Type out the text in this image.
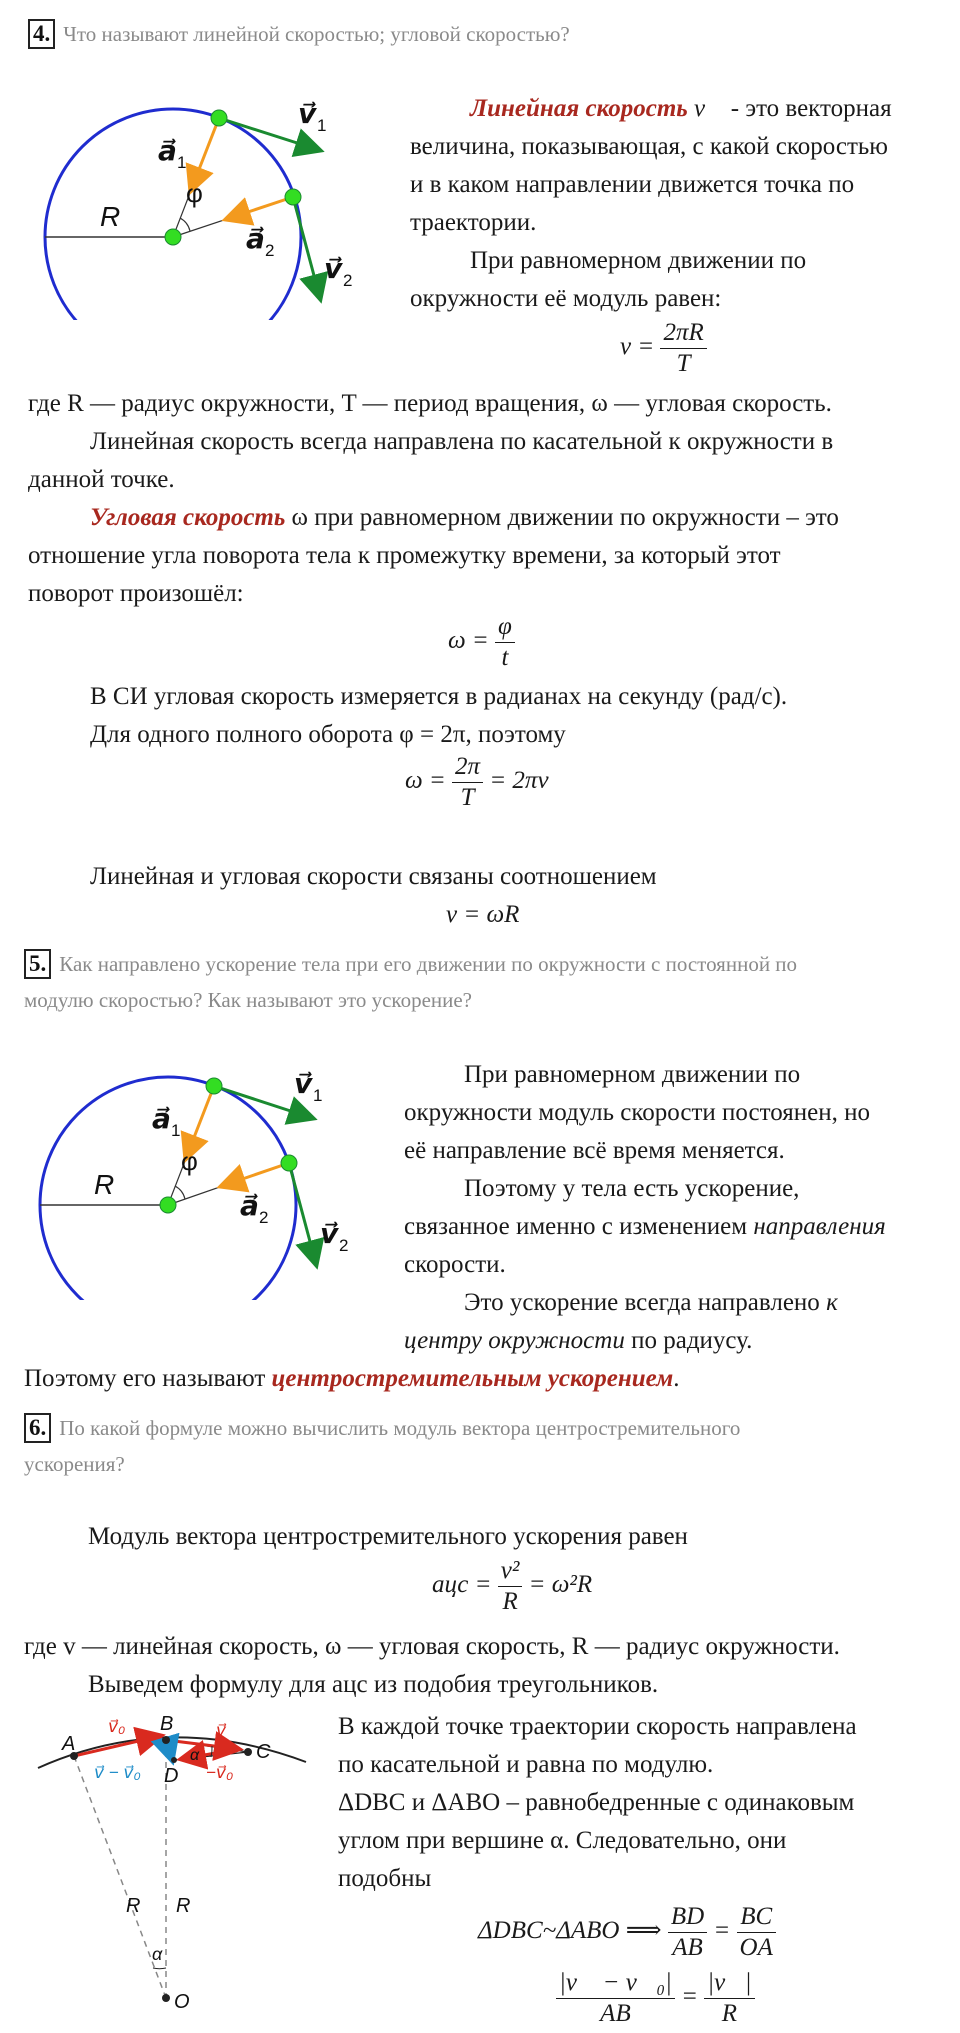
4. Что называют линейной скоростью; угловой скоростью?
R
φ
a⃗ 1
a⃗ 2
v⃗ 1
v⃗ 2
Линейная скорость v⃗ - это векторная
величина, показывающая, с какой скоростью
и в каком направлении движется точка по
траектории.
При равномерном движении по
окружности её модуль равен:
$v = \frac{2\pi R}{T}$
где R — радиус окружности, T — период вращения, ω — угловая скорость.
Линейная скорость всегда направлена по касательной к окружности в
данной точке.
Угловая скорость ω при равномерном движении по окружности – это
отношение угла поворота тела к промежутку времени, за который этот
поворот произошёл:
$\omega = \frac{\varphi}{t}$
В СИ угловая скорость измеряется в радианах на секунду (рад/с).
Для одного полного оборота φ = 2π, поэтому
$\omega = \frac{2\pi}{T} = 2\pi\nu$
Линейная и угловая скорости связаны соотношением
v = ωR
5. Как направлено ускорение тела при его движении по окружности с постоянной по
модулю скоростью? Как называют это ускорение?
R
φ
a⃗ 1
a⃗ 2
v⃗ 1
v⃗ 2
При равномерном движении по
окружности модуль скорости постоянен, но
её направление всё время меняется.
Поэтому у тела есть ускорение,
связанное именно с изменением направления
скорости.
Это ускорение всегда направлено к
центру окружности по радиусу.
Поэтому его называют центростремительным ускорением.
6. По какой формуле можно вычислить модуль вектора центростремительного
ускорения?
Модуль вектора центростремительного ускорения равен
aцс = $\frac{\text{v²}}{R} = \omega^2R$
где v — линейная скорость, ω — угловая скорость, R — радиус окружности.
Выведем формулу для aцс из подобия треугольников.
A
B
C
D
O
R R
α
α
v⃗₀	v⃗
−v⃗₀
v⃗ − v⃗₀
В каждой точке траектории скорость направлена
по касательной и равна по модулю.
ΔDBC и ΔABO – равнобедренные с одинаковым
углом при вершине α. Следовательно, они
подобны
ΔDBC~ΔABO ⟹ $\frac{BD}{AB} = \frac{BC}{OA}$
$\frac{\text{|v⃗ − v⃗₀|}}{AB} = \frac{|v⃗|}{R}$
